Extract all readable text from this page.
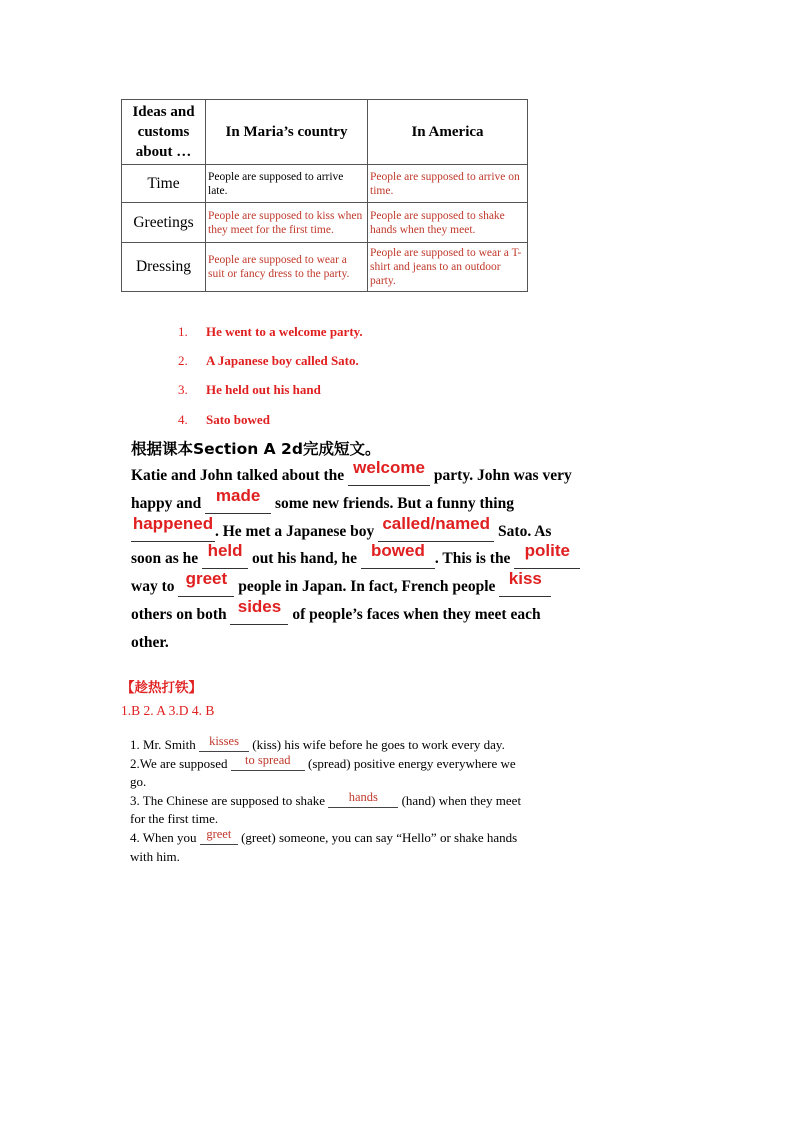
Ideas and customs about …	In Maria’s country	In America
Time	People are supposed to arrive late.	People are supposed to arrive on time.
Greetings	People are supposed to kiss when they meet for the first time.	People are supposed to shake hands when they meet.
Dressing	People are supposed to wear a suit or fancy dress to the party.	People are supposed to wear a T-shirt and jeans to an outdoor party.
1.	He went to a welcome party.
2.	A Japanese boy called Sato.
3.	He held out his hand
4.	Sato bowed
根据课本Section A 2d完成短文。
Katie and John talked about the welcome party. John was very happy and made some new friends. But a funny thing happened . He met a Japanese boy called/named Sato. As soon as he held out his hand, he bowed . This is the polite way to greet people in Japan. In fact, French people kiss others on both sides of people’s faces when they meet each other.
【趁热打铁】
1.B 2. A 3.D 4. B

1. Mr. Smith kisses (kiss) his wife before he goes to work every day.

2.We are supposed to spread (spread) positive energy everywhere we go.

3. The Chinese are supposed to shake hands (hand) when they meet for the first time.

4. When you greet (greet) someone, you can say “Hello” or shake hands with him.
